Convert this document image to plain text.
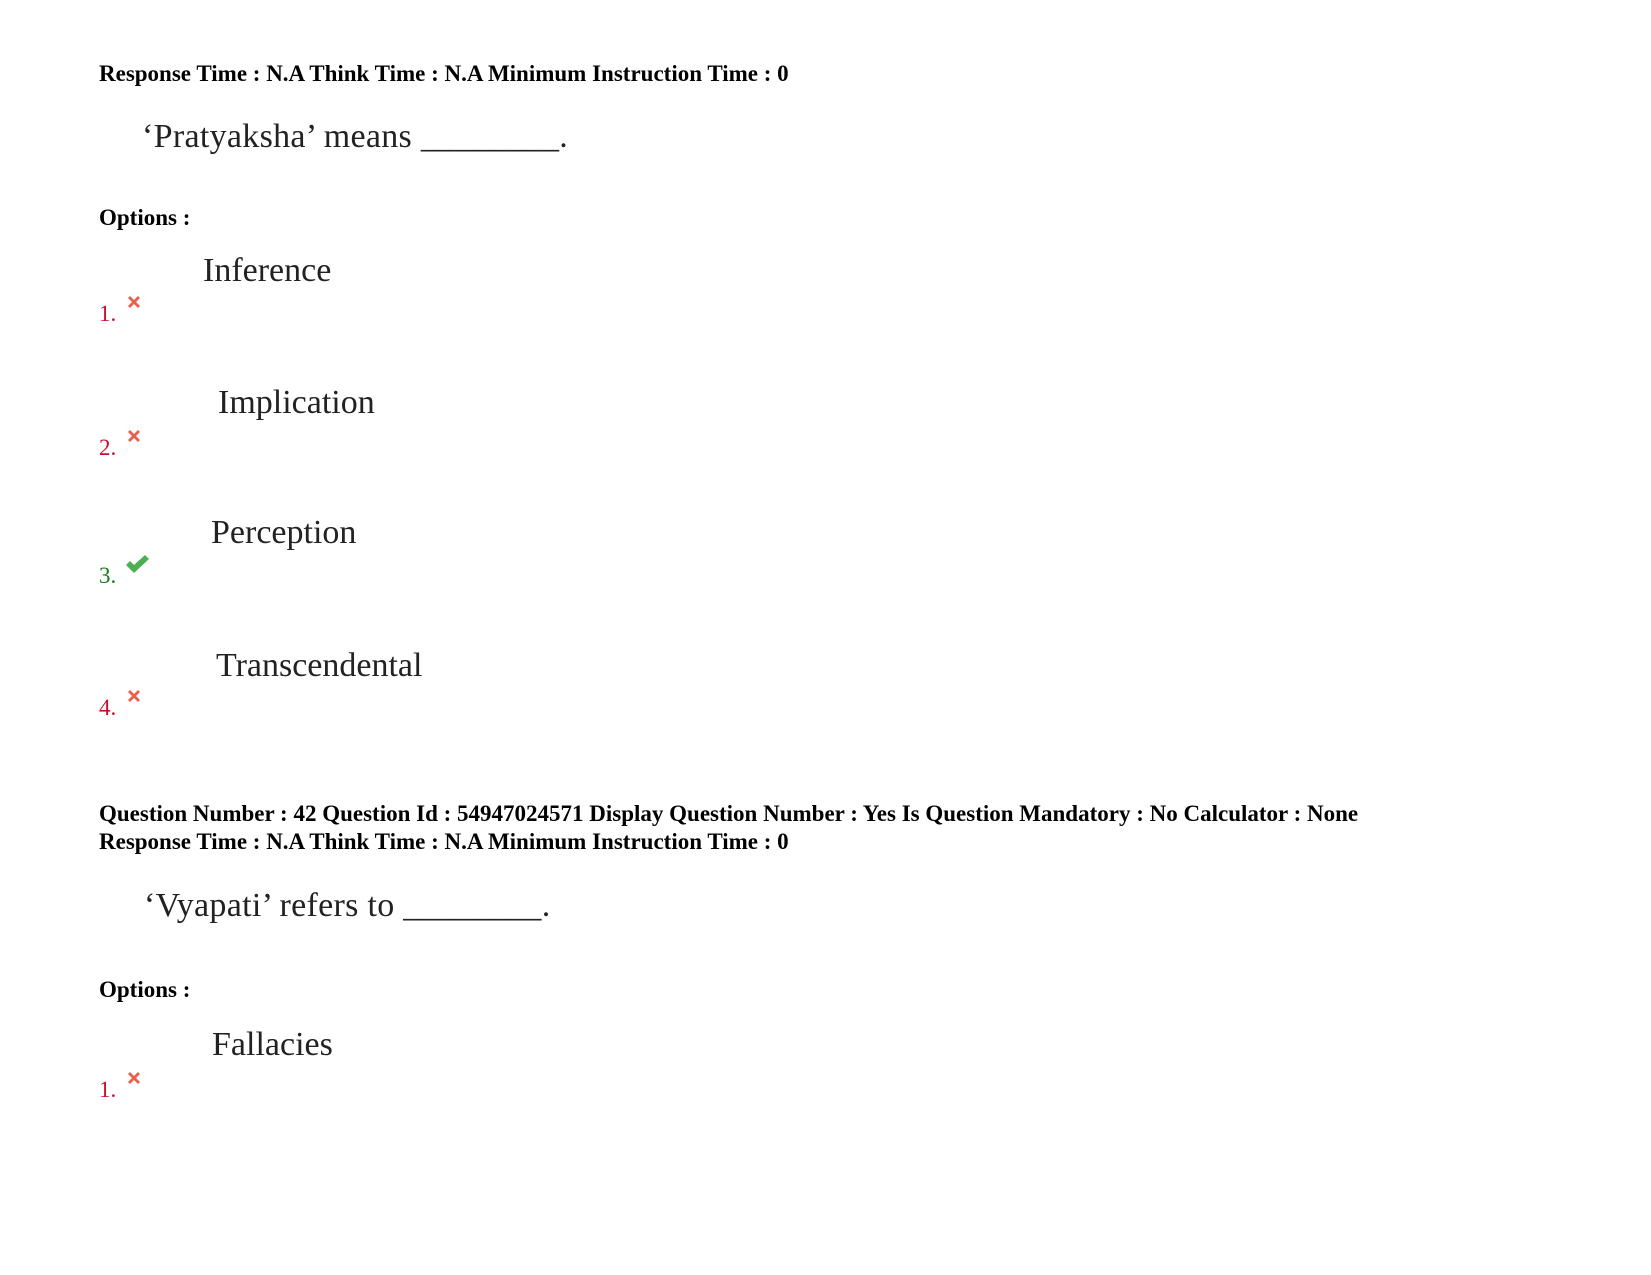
Response Time : N.A Think Time : N.A Minimum Instruction Time : 0

‘Pratyaksha’ means ________.

Options :

Inference
1.
Implication
2.
Perception
3.
Transcendental
4.

Question Number : 42 Question Id : 54947024571 Display Question Number : Yes Is Question Mandatory : No Calculator : None

Response Time : N.A Think Time : N.A Minimum Instruction Time : 0

‘Vyapati’ refers to ________.

Options :

Fallacies
1.
